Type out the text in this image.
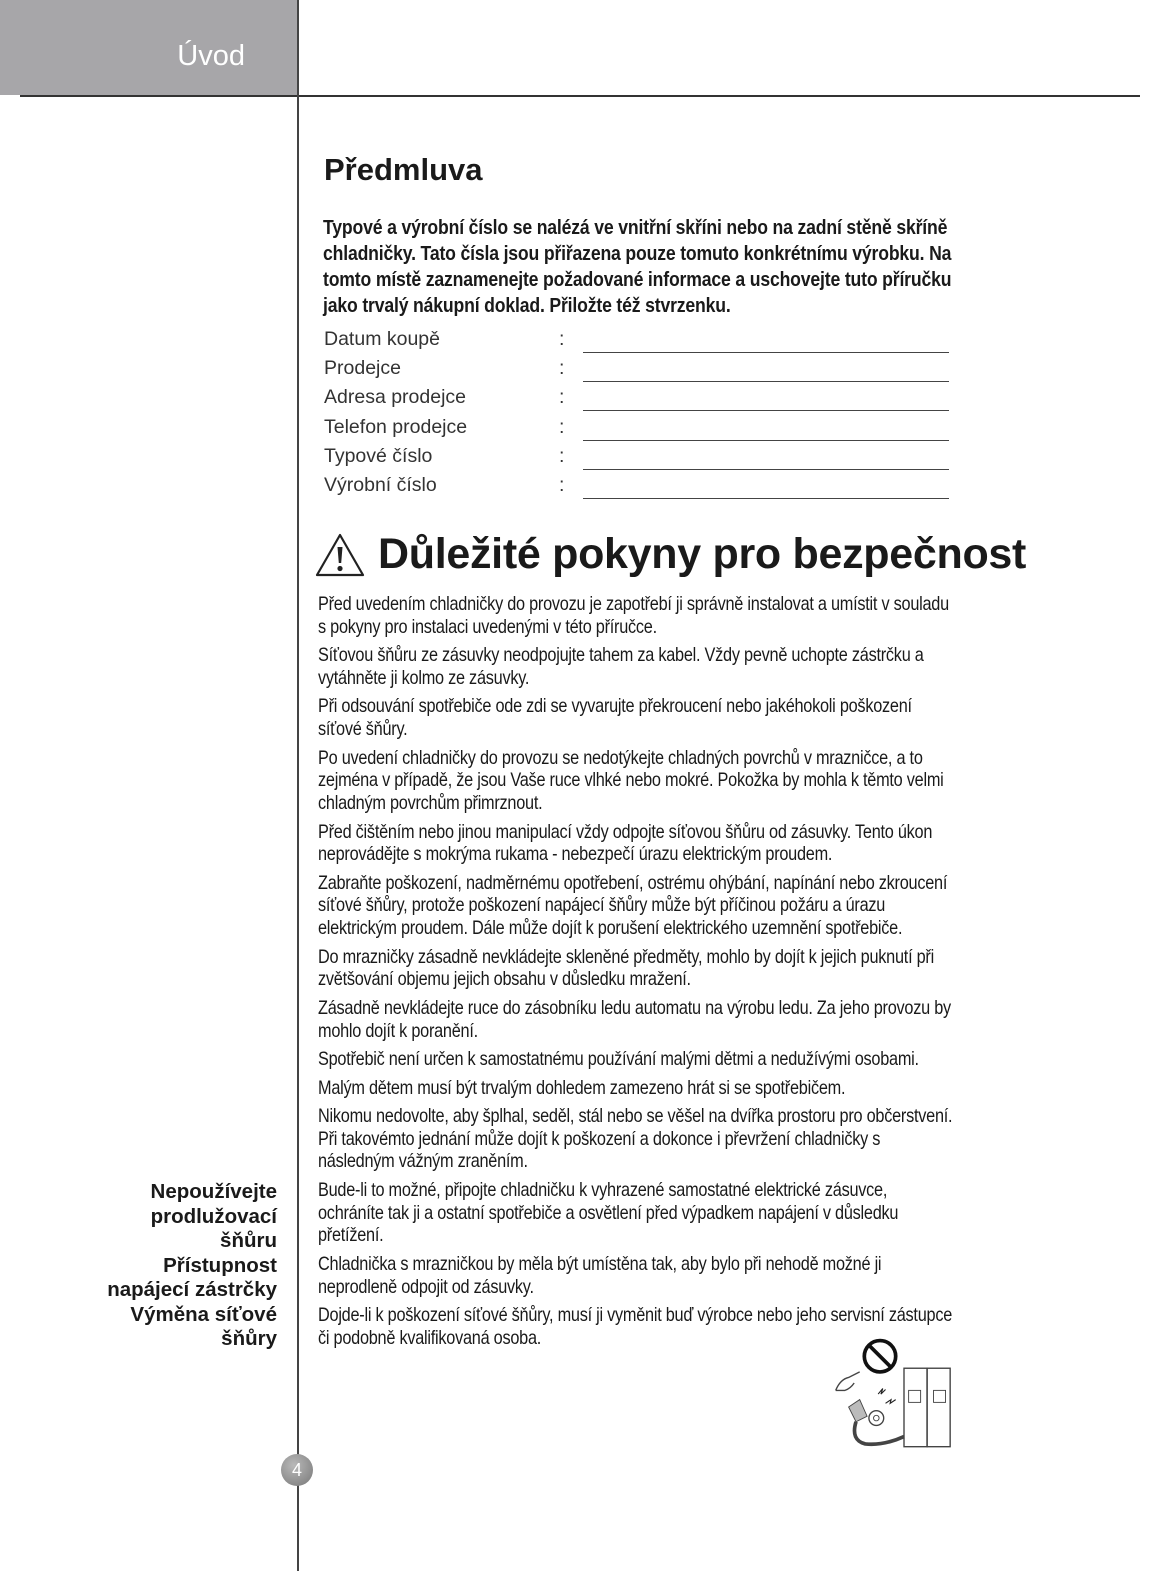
Úvod
Předmluva
Typové a výrobní číslo se nalézá ve vnitřní skříni nebo na zadní stěně skříně
chladničky. Tato čísla jsou přiřazena pouze tomuto konkrétnímu výrobku. Na
tomto místě zaznamenejte požadované informace a uschovejte tuto příručku
jako trvalý nákupní doklad. Přiložte též stvrzenku.
Datum koupě	:
Prodejce	:
Adresa prodejce	:
Telefon prodejce	:
Typové číslo	:
Výrobní číslo	:
Důležité pokyny pro bezpečnost

Před uvedením chladničky do provozu je zapotřebí ji správně instalovat a umístit v souladu
s pokyny pro instalaci uvedenými v této příručce.

Síťovou šňůru ze zásuvky neodpojujte tahem za kabel. Vždy pevně uchopte zástrčku a
vytáhněte ji kolmo ze zásuvky.

Při odsouvání spotřebiče ode zdi se vyvarujte překroucení nebo jakéhokoli poškození
síťové šňůry.

Po uvedení chladničky do provozu se nedotýkejte chladných povrchů v mrazničce, a to
zejména v případě, že jsou Vaše ruce vlhké nebo mokré. Pokožka by mohla k těmto velmi
chladným povrchům přimrznout.

Před čištěním nebo jinou manipulací vždy odpojte síťovou šňůru od zásuvky. Tento úkon
neprovádějte s mokrýma rukama - nebezpečí úrazu elektrickým proudem.

Zabraňte poškození, nadměrnému opotřebení, ostrému ohýbání, napínání nebo zkroucení
síťové šňůry, protože poškození napájecí šňůry může být příčinou požáru a úrazu
elektrickým proudem. Dále může dojít k porušení elektrického uzemnění spotřebiče.

Do mrazničky zásadně nevkládejte skleněné předměty, mohlo by dojít k jejich puknutí při
zvětšování objemu jejich obsahu v důsledku mražení.

Zásadně nevkládejte ruce do zásobníku ledu automatu na výrobu ledu. Za jeho provozu by
mohlo dojít k poranění.

Spotřebič není určen k samostatnému používání malými dětmi a nedužívými osobami.

Malým dětem musí být trvalým dohledem zamezeno hrát si se spotřebičem.

Nikomu nedovolte, aby šplhal, seděl, stál nebo se věšel na dvířka prostoru pro občerstvení.
Při takovémto jednání může dojít k poškození a dokonce i převržení chladničky s
následným vážným zraněním.

Bude-li to možné, připojte chladničku k vyhrazené samostatné elektrické zásuvce,
ochráníte tak ji a ostatní spotřebiče a osvětlení před výpadkem napájení v důsledku
přetížení.

Chladnička s mrazničkou by měla být umístěna tak, aby bylo při nehodě možné ji
neprodleně odpojit od zásuvky.

Dojde-li k poškození síťové šňůry, musí ji vyměnit buď výrobce nebo jeho servisní zástupce
či podobně kvalifikovaná osoba.

Nepoužívejte
prodlužovací
šňůru
Přístupnost
napájecí zástrčky
Výměna síťové
šňůry
4
